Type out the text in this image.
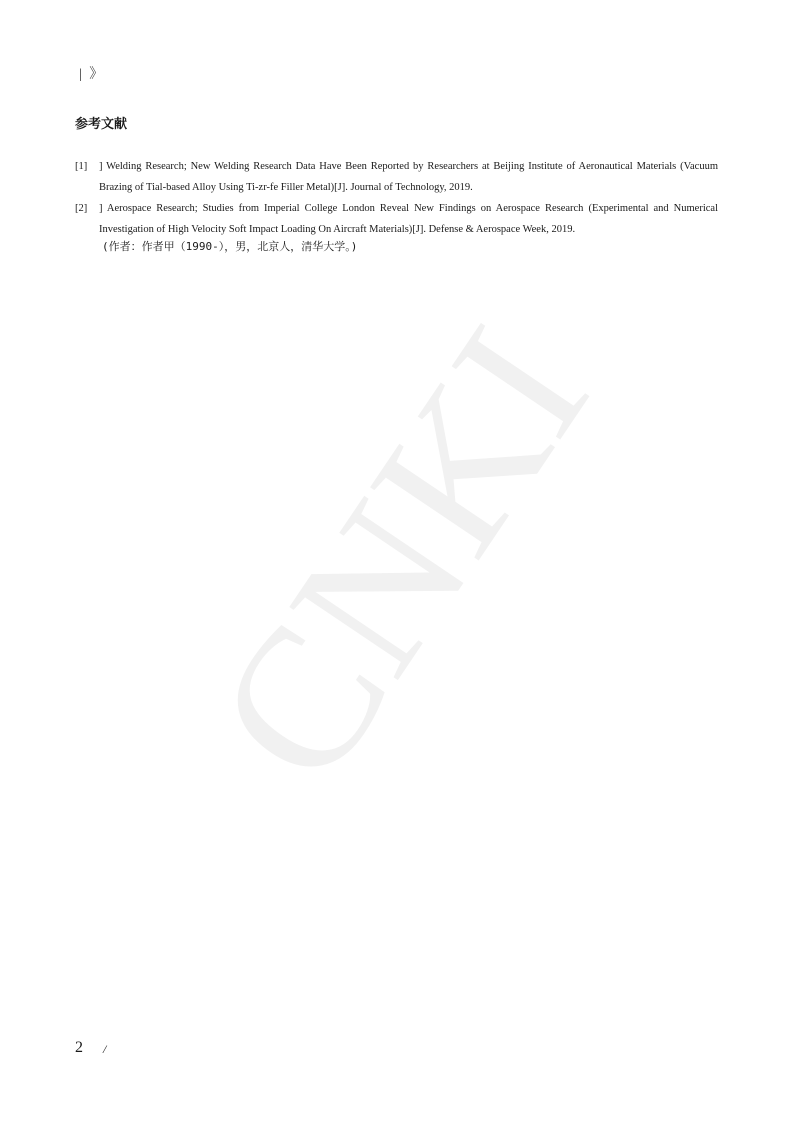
CNKI
| 》
参考文献
[1] ] Welding Research; New Welding Research Data Have Been Reported by Researchers at Beijing Institute of Aeronautical Materials (Vacuum Brazing of Tial-based Alloy Using Ti-zr-fe Filler Metal)[J]. Journal of Technology, 2019.
[2] ] Aerospace Research; Studies from Imperial College London Reveal New Findings on Aerospace Research (Experimental and Numerical Investigation of High Velocity Soft Impact Loading On Aircraft Materials)[J]. Defense & Aerospace Week, 2019.
(作者：作者甲（1990-），男，北京人，清华大学。)
2 /
